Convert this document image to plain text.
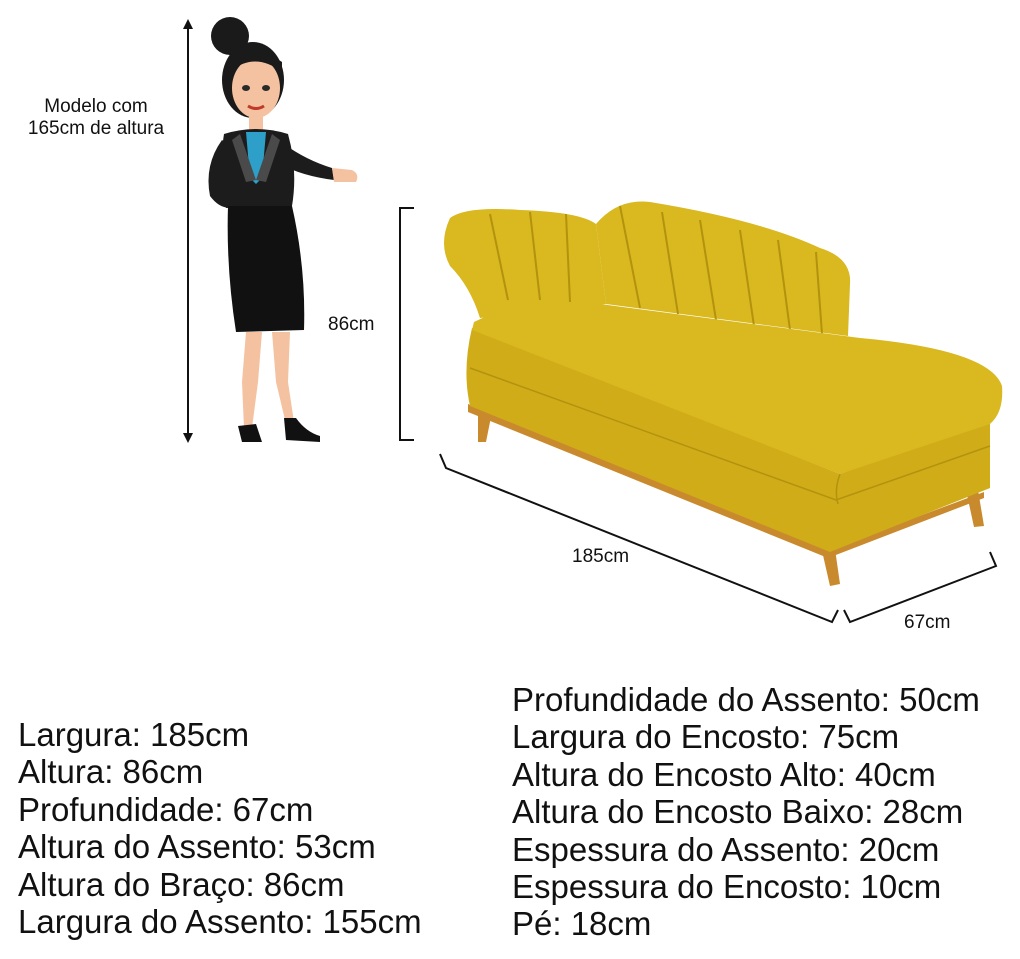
Modelo com
165cm de altura
86cm
185cm
67cm
Largura: 185cm
Altura: 86cm
Profundidade: 67cm
Altura do Assento: 53cm
Altura do Braço: 86cm
Largura do Assento: 155cm
Profundidade do Assento: 50cm
Largura do Encosto: 75cm
Altura do Encosto Alto: 40cm
Altura do Encosto Baixo: 28cm
Espessura do Assento: 20cm
Espessura do Encosto: 10cm
Pé: 18cm
